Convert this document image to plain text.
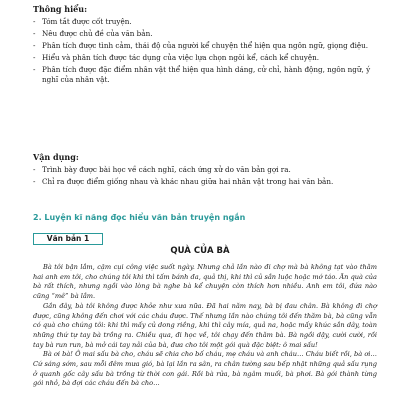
Thông hiểu:
- Tóm tắt được cốt truyện.
- Nêu được chủ đề của văn bản.
- Phân tích được tình cảm, thái độ của người kể chuyện thể hiện qua ngôn ngữ, giọng điệu.
- Hiểu và phân tích được tác dụng của việc lựa chọn ngôi kể, cách kể chuyện.
- Phân tích được đặc điểm nhân vật thể hiện qua hình dáng, cử chỉ, hành động, ngôn ngữ, ý nghĩ của nhân vật.
Vận dụng:
- Trình bày được bài học về cách nghĩ, cách ứng xử do văn bản gợi ra.
- Chỉ ra được điểm giống nhau và khác nhau giữa hai nhân vật trong hai văn bản.
2. Luyện kĩ năng đọc hiểu văn bản truyện ngắn
Văn bản 1
QUÀ CỦA BÀ

Bà tôi bận lắm, cặm cụi công việc suốt ngày. Nhưng chả lần nào đi chợ mà bà không tạt vào thăm hai anh em tôi, cho chúng tôi khi thì tấm bánh đa, quả thị, khi thì củ sắn luộc hoặc mớ táo. Ăn quà của bà rất thích, nhưng ngồi vào lòng bà nghe bà kể chuyện còn thích hơn nhiều. Anh em tôi, đứa nào cũng “mê” bà lắm.

Gần đây, bà tôi không được khỏe như xưa nữa. Đã hai năm nay, bà bị đau chân. Bà không đi chợ được, cũng không đến chơi với các cháu được. Thế nhưng lần nào chúng tôi đến thăm bà, bà cũng vẫn có quà cho chúng tôi: khi thì mấy củ dong riềng, khi thì cây mía, quả na, hoặc mấy khúc sắn dây, toàn những thứ tự tay bà trồng ra. Chiều qua, đi học về, tôi chạy đến thăm bà. Bà ngồi dậy, cười cười, rồi tay bà run run, bà mở cái tay nải của bà, đưa cho tôi một gói quà đặc biệt: ô mai sấu!

Bà ơi bà! Ô mai sấu bà cho, cháu sẽ chia cho bố cháu, mẹ cháu và anh cháu… Cháu biết rồi, bà ơi… Cứ sáng sớm, sau mỗi đêm mưa gió, bà lại lần ra sân, ra chân tường sau bếp nhặt những quả sấu rụng ở quanh gốc cây sấu bà trồng từ thời con gái. Rồi bà rửa, bà ngâm muối, bà phơi. Bà gói thành từng gói nhỏ, bà đợi các cháu đến bà cho…
